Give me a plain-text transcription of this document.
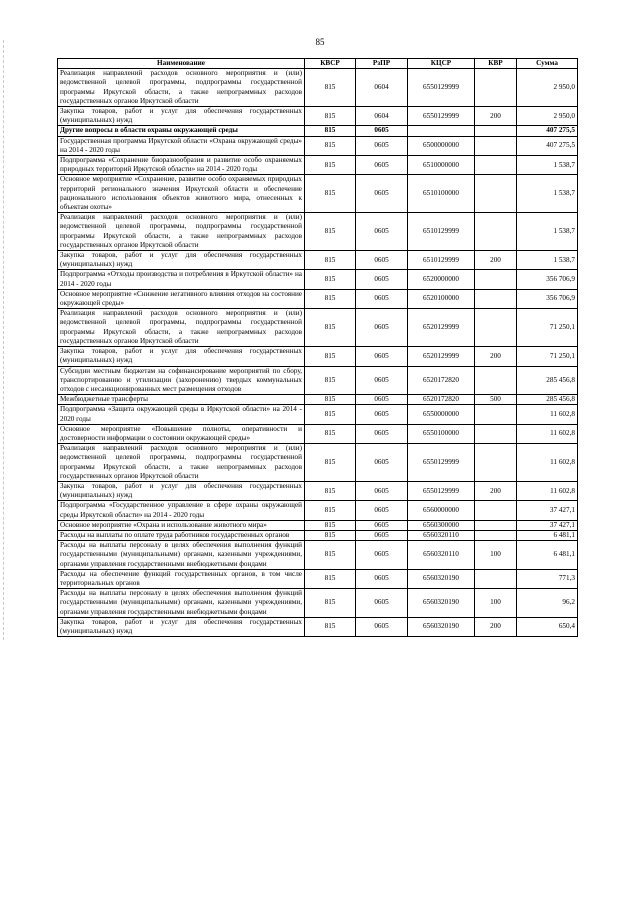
85
Наименование	КВСР	РзПР	КЦСР	КВР	Сумма
Реализация направлений расходов основного мероприятия и (или) ведомственной целевой программы, подпрограммы государственной программы Иркутской области, а также непрограммных расходов государственных органов Иркутской области	815	0604	6550129999		2 950,0
Закупка товаров, работ и услуг для обеспечения государственных (муниципальных) нужд	815	0604	6550129999	200	2 950,0
Другие вопросы в области охраны окружающей среды	815	0605			407 275,5
Государственная программа Иркутской области «Охрана окружающей среды» на 2014 - 2020 годы	815	0605	6500000000		407 275,5
Подпрограмма «Сохранение биоразнообразия и развитие особо охраняемых природных территорий Иркутской области» на 2014 - 2020 годы	815	0605	6510000000		1 538,7
Основное мероприятие «Сохранение, развитие особо охраняемых природных территорий регионального значения Иркутской области и обеспечение рационального использования объектов животного мира, отнесенных к объектам охоты»	815	0605	6510100000		1 538,7
Реализация направлений расходов основного мероприятия и (или) ведомственной целевой программы, подпрограммы государственной программы Иркутской области, а также непрограммных расходов государственных органов Иркутской области	815	0605	6510129999		1 538,7
Закупка товаров, работ и услуг для обеспечения государственных (муниципальных) нужд	815	0605	6510129999	200	1 538,7
Подпрограмма «Отходы производства и потребления в Иркутской области» на 2014 - 2020 годы	815	0605	6520000000		356 706,9
Основное мероприятие «Снижение негативного влияния отходов на состояние окружающей среды»	815	0605	6520100000		356 706,9
Реализация направлений расходов основного мероприятия и (или) ведомственной целевой программы, подпрограммы государственной программы Иркутской области, а также непрограммных расходов государственных органов Иркутской области	815	0605	6520129999		71 250,1
Закупка товаров, работ и услуг для обеспечения государственных (муниципальных) нужд	815	0605	6520129999	200	71 250,1
Субсидии местным бюджетам на софинансирование мероприятий по сбору, транспортированию и утилизации (захоронению) твердых коммунальных отходов с несанкционированных мест размещения отходов	815	0605	6520172820		285 456,8
Межбюджетные трансферты	815	0605	6520172820	500	285 456,8
Подпрограмма «Защита окружающей среды в Иркутской области» на 2014 - 2020 годы	815	0605	6550000000		11 602,8
Основное мероприятие «Повышение полноты, оперативности и достоверности информации о состоянии окружающей среды»	815	0605	6550100000		11 602,8
Реализация направлений расходов основного мероприятия и (или) ведомственной целевой программы, подпрограммы государственной программы Иркутской области, а также непрограммных расходов государственных органов Иркутской области	815	0605	6550129999		11 602,8
Закупка товаров, работ и услуг для обеспечения государственных (муниципальных) нужд	815	0605	6550129999	200	11 602,8
Подпрограмма «Государственное управление в сфере охраны окружающей среды Иркутской области» на 2014 - 2020 годы	815	0605	6560000000		37 427,1
Основное мероприятие «Охрана и использование животного мира»	815	0605	6560300000		37 427,1
Расходы на выплаты по оплате труда работников государственных органов	815	0605	6560320110		6 481,1
Расходы на выплаты персоналу в целях обеспечения выполнения функций государственными (муниципальными) органами, казенными учреждениями, органами управления государственными внебюджетными фондами	815	0605	6560320110	100	6 481,1
Расходы на обеспечение функций государственных органов, в том числе территориальных органов	815	0605	6560320190		771,3
Расходы на выплаты персоналу в целях обеспечения выполнения функций государственными (муниципальными) органами, казенными учреждениями, органами управления государственными внебюджетными фондами	815	0605	6560320190	100	96,2
Закупка товаров, работ и услуг для обеспечения государственных (муниципальных) нужд	815	0605	6560320190	200	650,4
